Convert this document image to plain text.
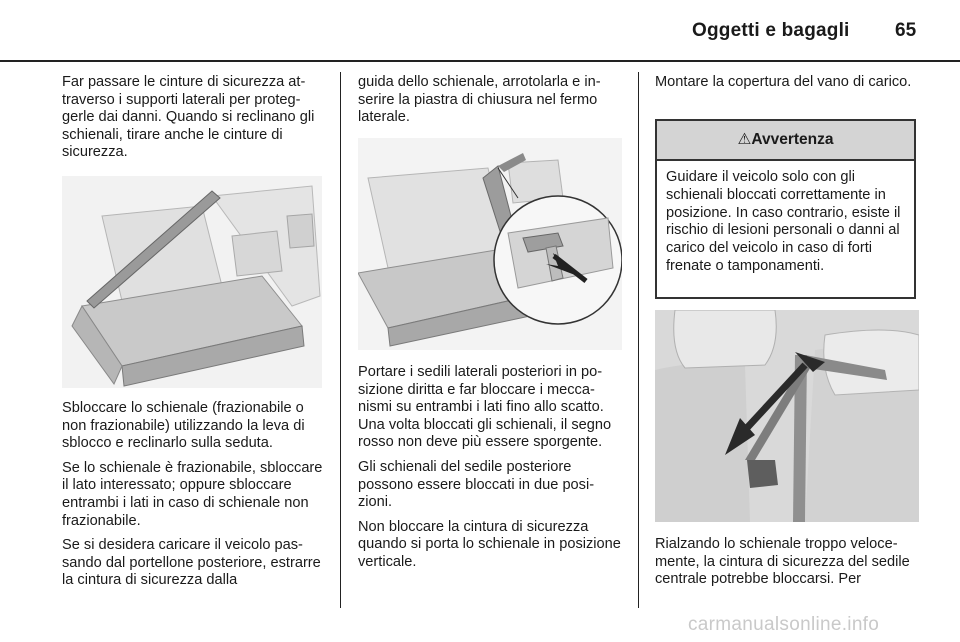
Oggetti e bagagli 65

Far passare le cinture di sicurezza attraverso i supporti laterali per proteggerle dai danni. Quando si reclinano gli schienali, tirare anche le cinture di sicurezza.

Sbloccare lo schienale (frazionabile o non frazionabile) utilizzando la leva di sblocco e reclinarlo sulla seduta.

Se lo schienale è frazionabile, sbloccare il lato interessato; oppure sbloccare entrambi i lati in caso di schienale non frazionabile.

Se si desidera caricare il veicolo passando dal portellone posteriore, estrarre la cintura di sicurezza dalla

guida dello schienale, arrotolarla e inserire la piastra di chiusura nel fermo laterale.

Portare i sedili laterali posteriori in posizione diritta e far bloccare i meccanismi su entrambi i lati fino allo scatto. Una volta bloccati gli schienali, il segno rosso non deve più essere sporgente.

Gli schienali del sedile posteriore possono essere bloccati in due posizioni.

Non bloccare la cintura di sicurezza quando si porta lo schienale in posizione verticale.

Montare la copertura del vano di carico.

⚠Avvertenza
Guidare il veicolo solo con gli schienali bloccati correttamente in posizione. In caso contrario, esiste il rischio di lesioni personali o danni al carico del veicolo in caso di forti frenate o tamponamenti.

Rialzando lo schienale troppo velocemente, la cintura di sicurezza del sedile centrale potrebbe bloccarsi. Per

carmanualsonline.info
